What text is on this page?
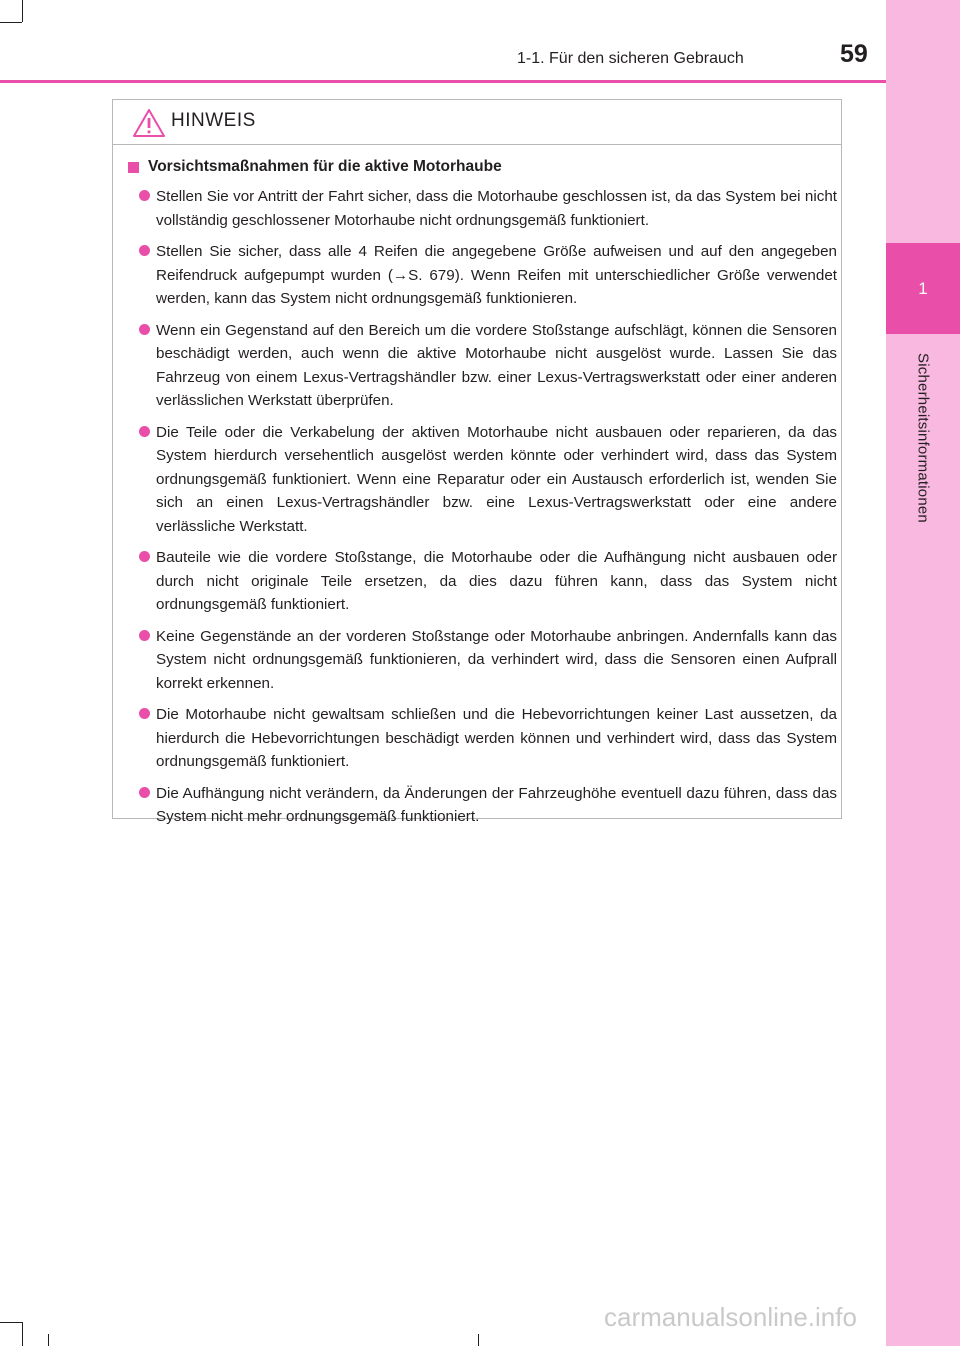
1
Sicherheitsinformationen
1-1. Für den sicheren Gebrauch	59
HINWEIS
Vorsichtsmaßnahmen für die aktive Motorhaube
Stellen Sie vor Antritt der Fahrt sicher, dass die Motorhaube geschlossen ist, da das System bei nicht vollständig geschlossener Motorhaube nicht ordnungsgemäß funktioniert.
Stellen Sie sicher, dass alle 4 Reifen die angegebene Größe aufweisen und auf den angegeben Reifendruck aufgepumpt wurden (→S. 679). Wenn Reifen mit unterschiedlicher Größe verwendet werden, kann das System nicht ordnungsgemäß funktionieren.
Wenn ein Gegenstand auf den Bereich um die vordere Stoßstange aufschlägt, können die Sensoren beschädigt werden, auch wenn die aktive Motorhaube nicht ausgelöst wurde. Lassen Sie das Fahrzeug von einem Lexus-Vertragshändler bzw. einer Lexus-Vertragswerkstatt oder einer anderen verlässlichen Werkstatt überprüfen.
Die Teile oder die Verkabelung der aktiven Motorhaube nicht ausbauen oder reparieren, da das System hierdurch versehentlich ausgelöst werden könnte oder verhindert wird, dass das System ordnungsgemäß funktioniert. Wenn eine Reparatur oder ein Austausch erforderlich ist, wenden Sie sich an einen Lexus-Vertragshändler bzw. eine Lexus-Vertragswerkstatt oder eine andere verlässliche Werkstatt.
Bauteile wie die vordere Stoßstange, die Motorhaube oder die Aufhängung nicht ausbauen oder durch nicht originale Teile ersetzen, da dies dazu führen kann, dass das System nicht ordnungsgemäß funktioniert.
Keine Gegenstände an der vorderen Stoßstange oder Motorhaube anbringen. Andernfalls kann das System nicht ordnungsgemäß funktionieren, da verhindert wird, dass die Sensoren einen Aufprall korrekt erkennen.
Die Motorhaube nicht gewaltsam schließen und die Hebevorrichtungen keiner Last aussetzen, da hierdurch die Hebevorrichtungen beschädigt werden können und verhindert wird, dass das System ordnungsgemäß funktioniert.
Die Aufhängung nicht verändern, da Änderungen der Fahrzeughöhe eventuell dazu führen, dass das System nicht mehr ordnungsgemäß funktioniert.
carmanualsonline.info
